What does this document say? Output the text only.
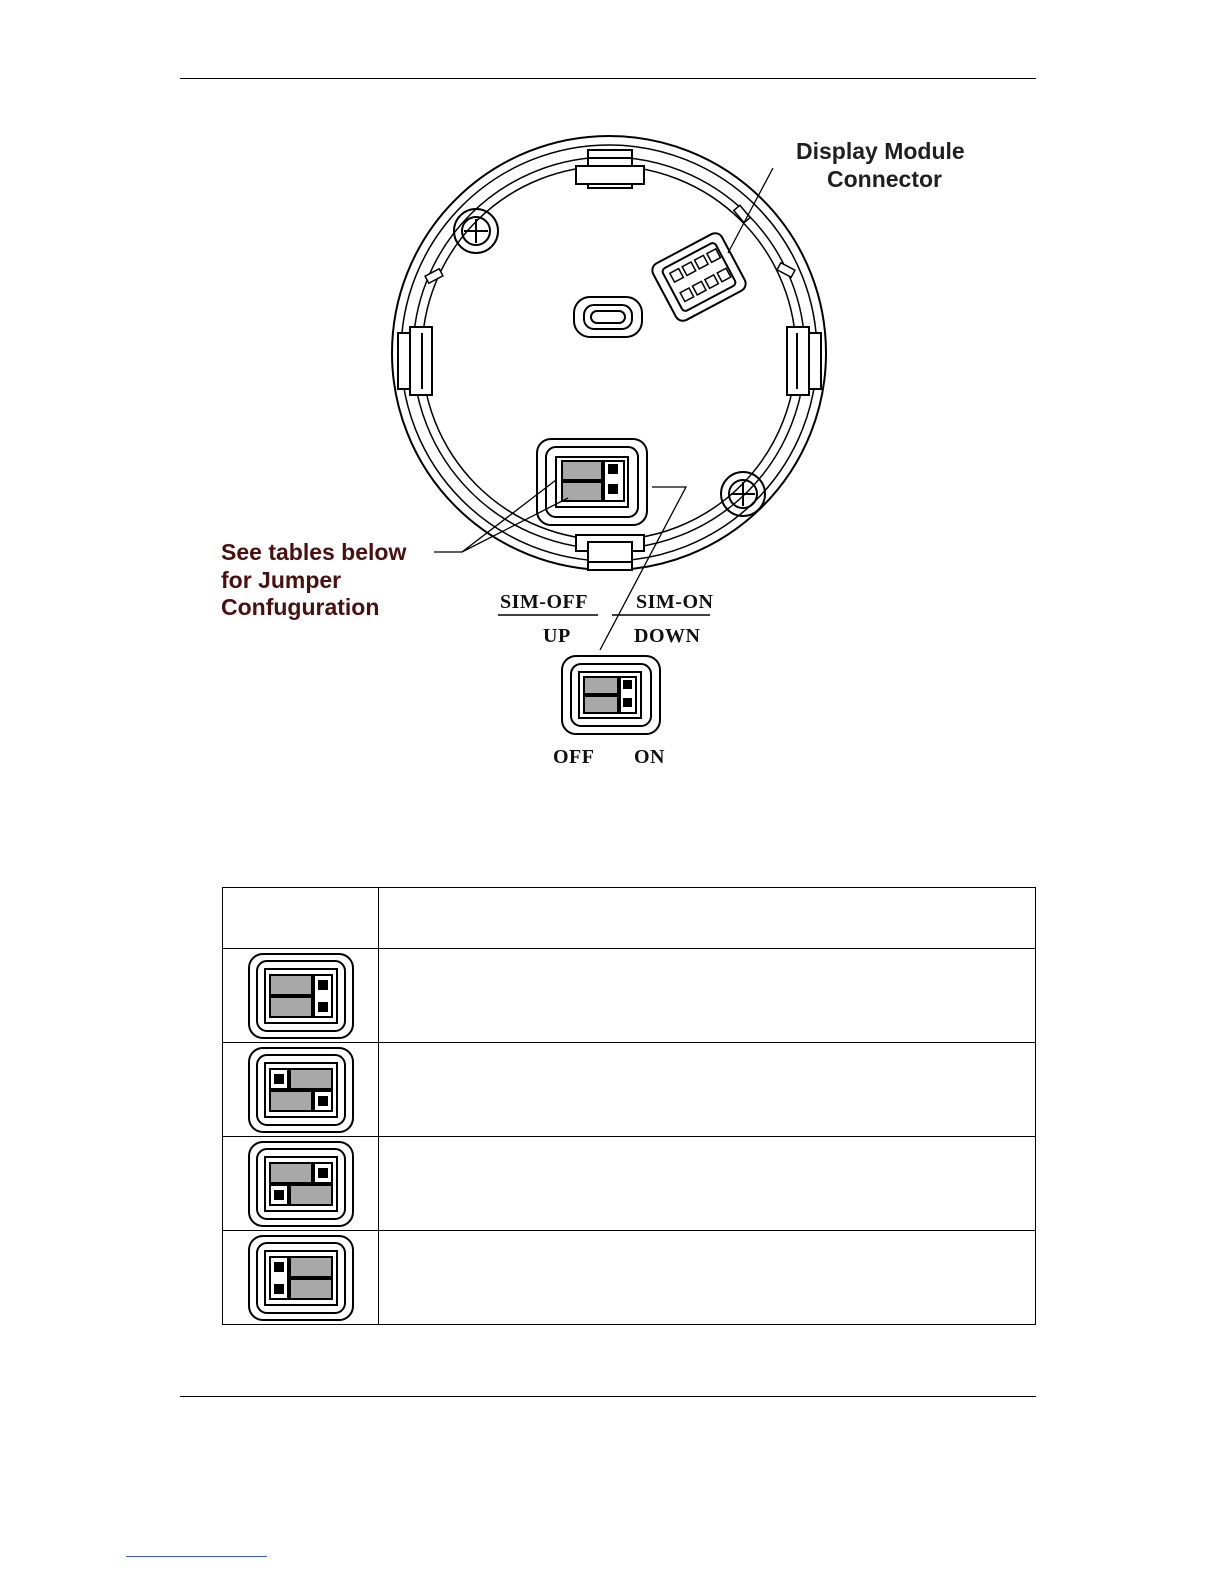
Display Module
Connector
See tables below
for Jumper
Confuguration	SIM-OFF SIM-ON
UP	DOWN
OFF ON
